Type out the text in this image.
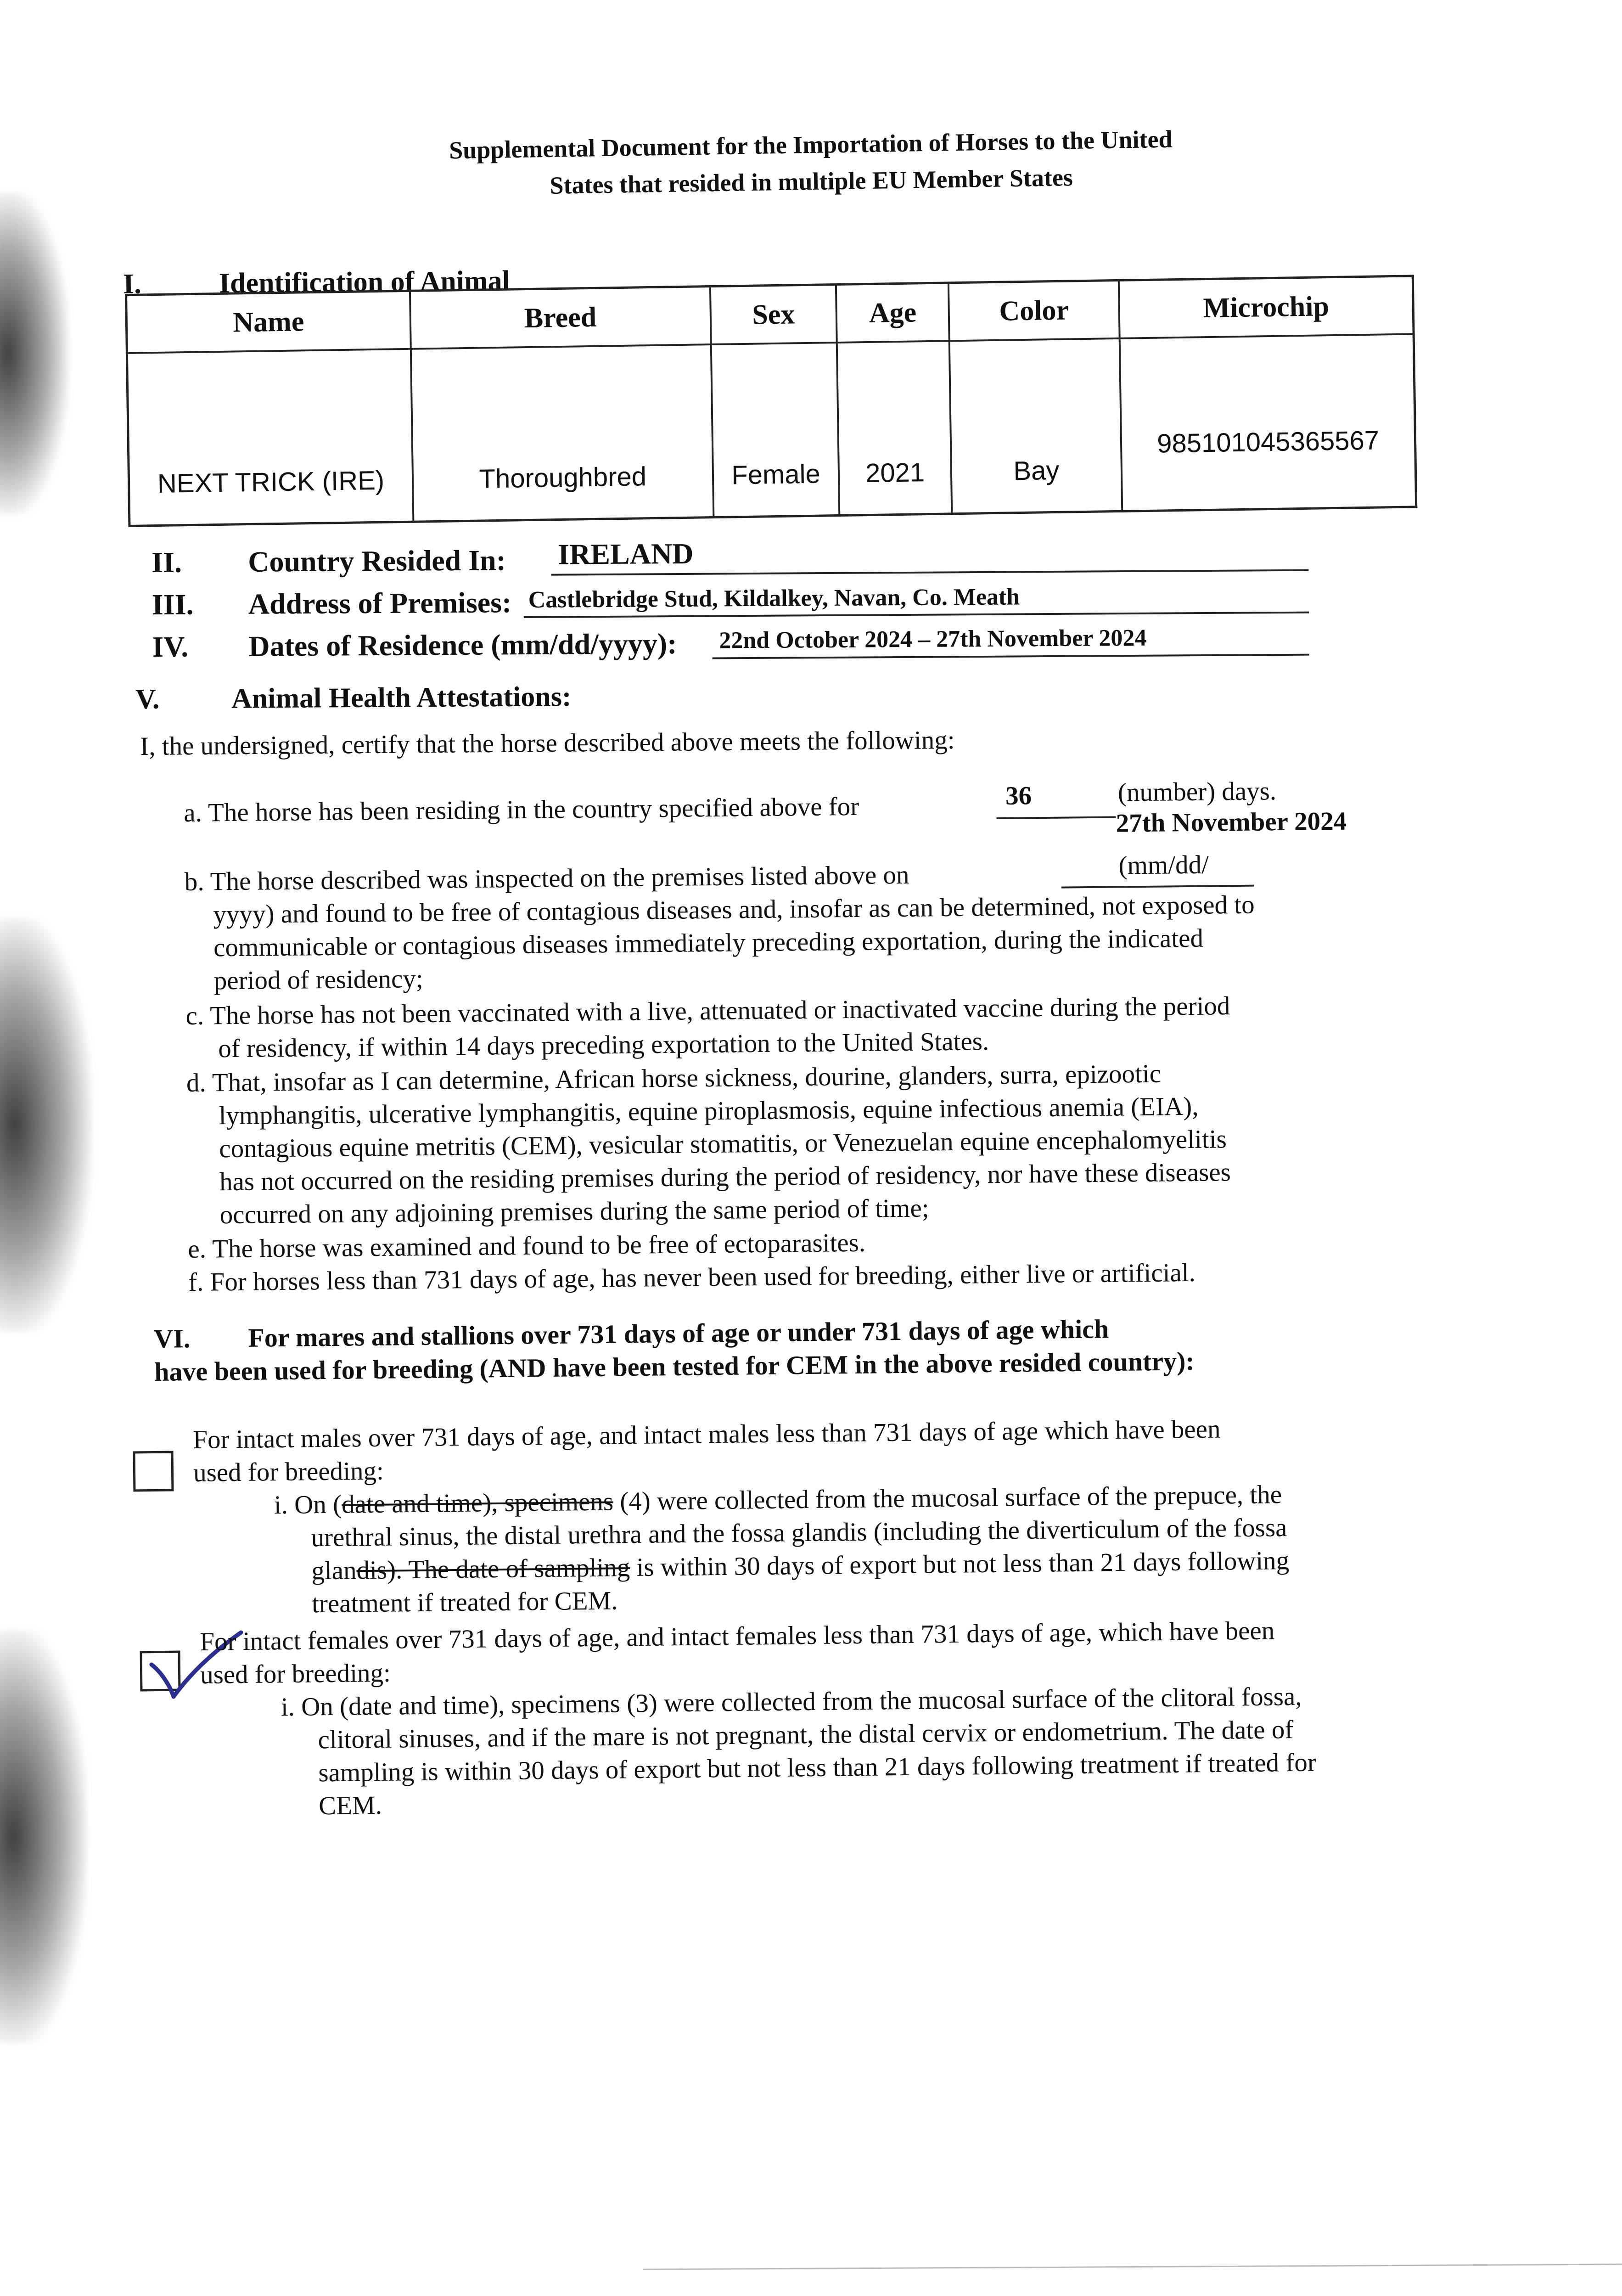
Supplemental Document for the Importation of Horses to the United
States that resided in multiple EU Member States
I.	Identification of Animal
Name	Breed	Sex	Age	Color	Microchip
NEXT TRICK (IRE)	Thoroughbred	Female	2021	Bay	985101045365567
II. Country Resided In: IRELAND
III. Address of Premises: Castlebridge Stud, Kildalkey, Navan, Co. Meath
IV. Dates of Residence (mm/dd/yyyy): 22nd October 2024 – 27th November 2024
V.	Animal Health Attestations:
I, the undersigned, certify that the horse described above meets the following:
a. The horse has been residing in the country specified above for	36	(number) days.
27th November 2024
b. The horse described was inspected on the premises listed above on	(mm/dd/
yyyy) and found to be free of contagious diseases and, insofar as can be determined, not exposed to
communicable or contagious diseases immediately preceding exportation, during the indicated
period of residency;
c. The horse has not been vaccinated with a live, attenuated or inactivated vaccine during the period
of residency, if within 14 days preceding exportation to the United States.
d. That, insofar as I can determine, African horse sickness, dourine, glanders, surra, epizootic
lymphangitis, ulcerative lymphangitis, equine piroplasmosis, equine infectious anemia (EIA),
contagious equine metritis (CEM), vesicular stomatitis, or Venezuelan equine encephalomyelitis
has not occurred on the residing premises during the period of residency, nor have these diseases
occurred on any adjoining premises during the same period of time;
e. The horse was examined and found to be free of ectoparasites.
f. For horses less than 731 days of age, has never been used for breeding, either live or artificial.
VI. For mares and stallions over 731 days of age or under 731 days of age which
have been used for breeding (AND have been tested for CEM in the above resided country):
For intact males over 731 days of age, and intact males less than 731 days of age which have been
used for breeding:
i. On (date and time), specimens (4) were collected from the mucosal surface of the prepuce, the
urethral sinus, the distal urethra and the fossa glandis (including the diverticulum of the fossa
glandis). The date of sampling is within 30 days of export but not less than 21 days following
treatment if treated for CEM.
For intact females over 731 days of age, and intact females less than 731 days of age, which have been
used for breeding:
i. On (date and time), specimens (3) were collected from the mucosal surface of the clitoral fossa,
clitoral sinuses, and if the mare is not pregnant, the distal cervix or endometrium. The date of
sampling is within 30 days of export but not less than 21 days following treatment if treated for
CEM.
